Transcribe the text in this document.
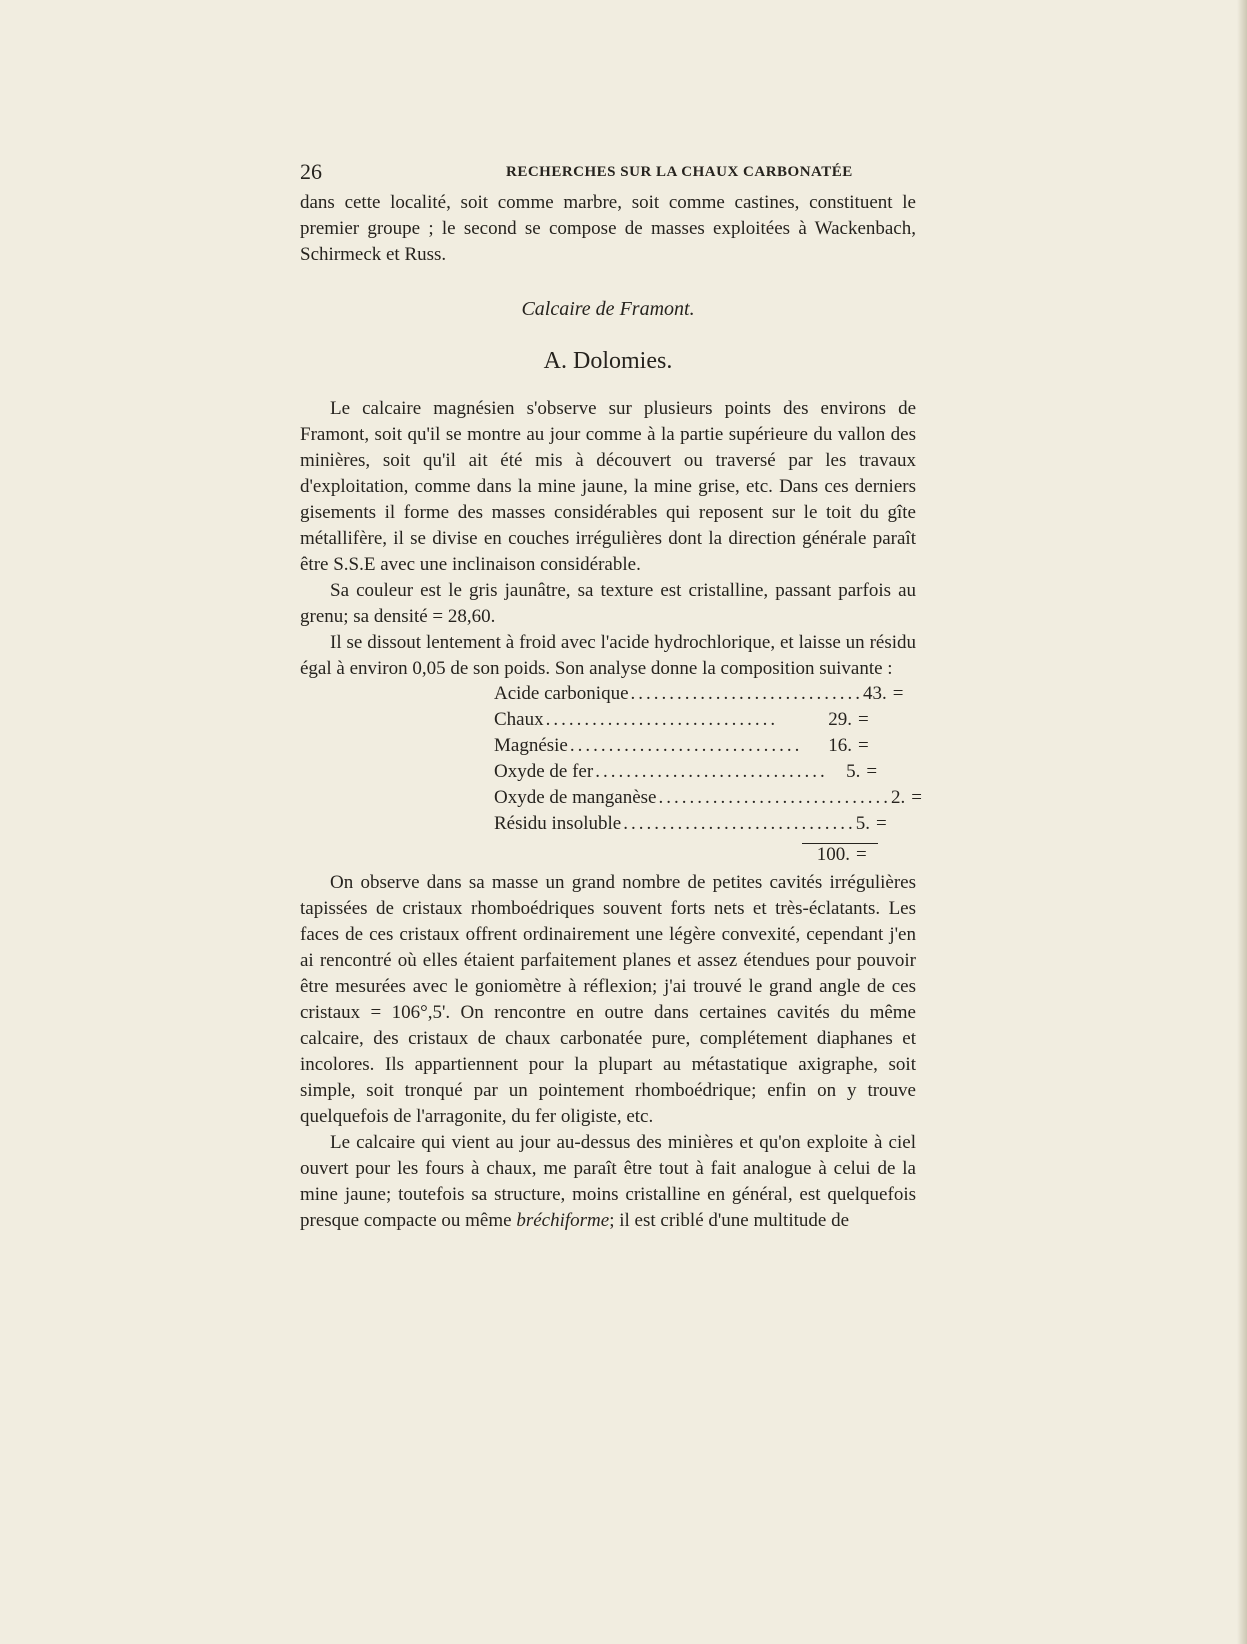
26	RECHERCHES SUR LA CHAUX CARBONATÉE

dans cette localité, soit comme marbre, soit comme castines, constituent le premier groupe ; le second se compose de masses exploitées à Wackenbach, Schirmeck et Russ.

Calcaire de Framont.
A. Dolomies.

Le calcaire magnésien s'observe sur plusieurs points des environs de Framont, soit qu'il se montre au jour comme à la partie supérieure du vallon des minières, soit qu'il ait été mis à découvert ou traversé par les travaux d'exploitation, comme dans la mine jaune, la mine grise, etc. Dans ces derniers gisements il forme des masses considérables qui reposent sur le toit du gîte métallifère, il se divise en couches irrégulières dont la direction générale paraît être S.S.E avec une inclinaison considérable.

Sa couleur est le gris jaunâtre, sa texture est cristalline, passant parfois au grenu; sa densité = 28,60.

Il se dissout lentement à froid avec l'acide hydrochlorique, et laisse un résidu égal à environ 0,05 de son poids. Son analyse donne la composition suivante :

Acide carbonique .............................. 43. =
Chaux ..............................	29. =
Magnésie ..............................	16. =
Oxyde de fer .............................. 5. =
Oxyde de manganèse .............................. 2. =
Résidu insoluble .............................. 5. =
100. =

On observe dans sa masse un grand nombre de petites cavités irrégulières tapissées de cristaux rhomboédriques souvent forts nets et très-éclatants. Les faces de ces cristaux offrent ordinairement une légère convexité, cependant j'en ai rencontré où elles étaient parfaitement planes et assez étendues pour pouvoir être mesurées avec le goniomètre à réflexion; j'ai trouvé le grand angle de ces cristaux = 106°,5'. On rencontre en outre dans certaines cavités du même calcaire, des cristaux de chaux carbonatée pure, complétement diaphanes et incolores. Ils appartiennent pour la plupart au métastatique axigraphe, soit simple, soit tronqué par un pointement rhomboédrique; enfin on y trouve quelquefois de l'arragonite, du fer oligiste, etc.

Le calcaire qui vient au jour au-dessus des minières et qu'on exploite à ciel ouvert pour les fours à chaux, me paraît être tout à fait analogue à celui de la mine jaune; toutefois sa structure, moins cristalline en général, est quelquefois presque compacte ou même bréchiforme; il est criblé d'une multitude de
